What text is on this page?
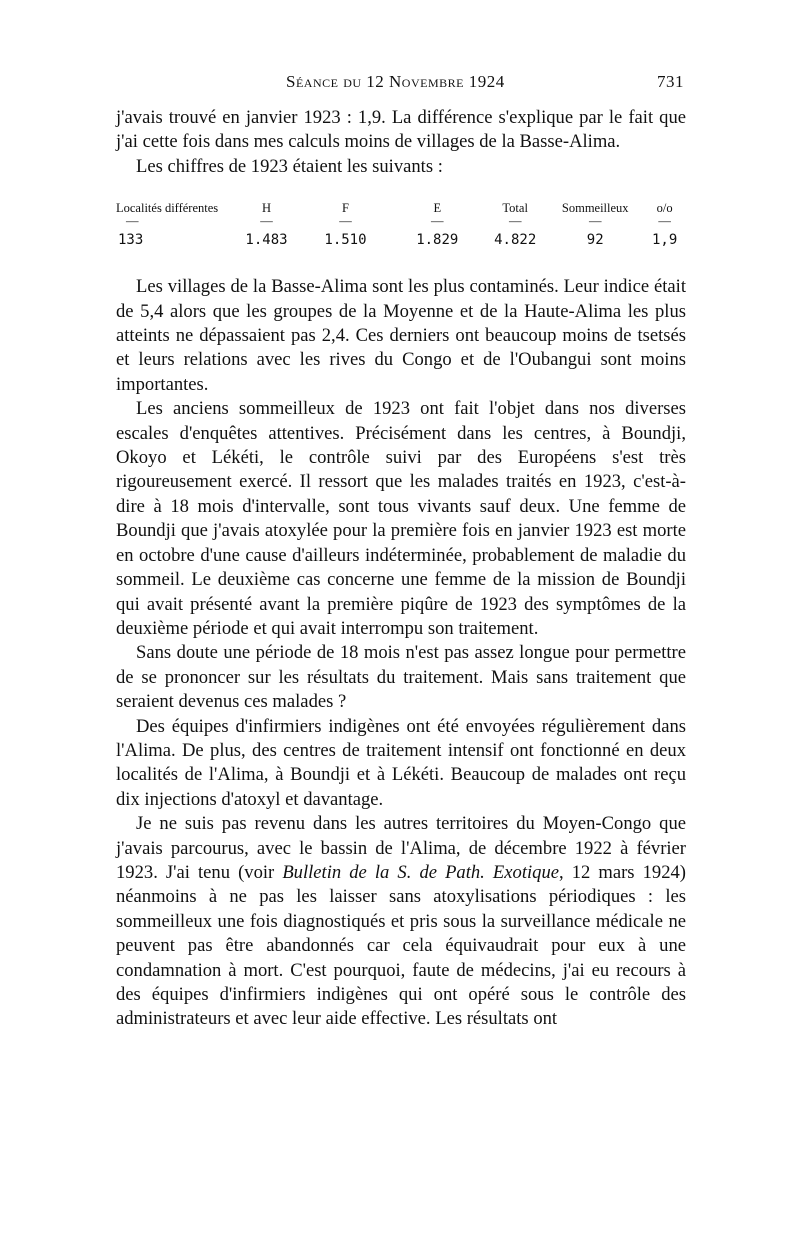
Séance du 12 Novembre 1924	731

j'avais trouvé en janvier 1923 : 1,9. La différence s'explique par le fait que j'ai cette fois dans mes calculs moins de villages de la Basse-Alima.

Les chiffres de 1923 étaient les suivants :

Localités différentes	H	F	E	Total	Sommeilleux	o/o
—	—	—	—	—	—	—
133	1.483	1.510	1.829	4.822	92	1,9

Les villages de la Basse-Alima sont les plus contaminés. Leur indice était de 5,4 alors que les groupes de la Moyenne et de la Haute-Alima les plus atteints ne dépassaient pas 2,4. Ces derniers ont beaucoup moins de tsetsés et leurs relations avec les rives du Congo et de l'Oubangui sont moins importantes.

Les anciens sommeilleux de 1923 ont fait l'objet dans nos diverses escales d'enquêtes attentives. Précisément dans les centres, à Boundji, Okoyo et Lékéti, le contrôle suivi par des Européens s'est très rigoureusement exercé. Il ressort que les malades traités en 1923, c'est-à-dire à 18 mois d'intervalle, sont tous vivants sauf deux. Une femme de Boundji que j'avais atoxylée pour la première fois en janvier 1923 est morte en octobre d'une cause d'ailleurs indéterminée, probablement de maladie du sommeil. Le deuxième cas concerne une femme de la mission de Boundji qui avait présenté avant la première piqûre de 1923 des symptômes de la deuxième période et qui avait interrompu son traitement.

Sans doute une période de 18 mois n'est pas assez longue pour permettre de se prononcer sur les résultats du traitement. Mais sans traitement que seraient devenus ces malades ?

Des équipes d'infirmiers indigènes ont été envoyées régulièrement dans l'Alima. De plus, des centres de traitement intensif ont fonctionné en deux localités de l'Alima, à Boundji et à Lékéti. Beaucoup de malades ont reçu dix injections d'atoxyl et davantage.

Je ne suis pas revenu dans les autres territoires du Moyen-Congo que j'avais parcourus, avec le bassin de l'Alima, de décembre 1922 à février 1923. J'ai tenu (voir Bulletin de la S. de Path. Exotique, 12 mars 1924) néanmoins à ne pas les laisser sans atoxylisations périodiques : les sommeilleux une fois diagnostiqués et pris sous la surveillance médicale ne peuvent pas être abandonnés car cela équivaudrait pour eux à une condamnation à mort. C'est pourquoi, faute de médecins, j'ai eu recours à des équipes d'infirmiers indigènes qui ont opéré sous le contrôle des administrateurs et avec leur aide effective. Les résultats ont
